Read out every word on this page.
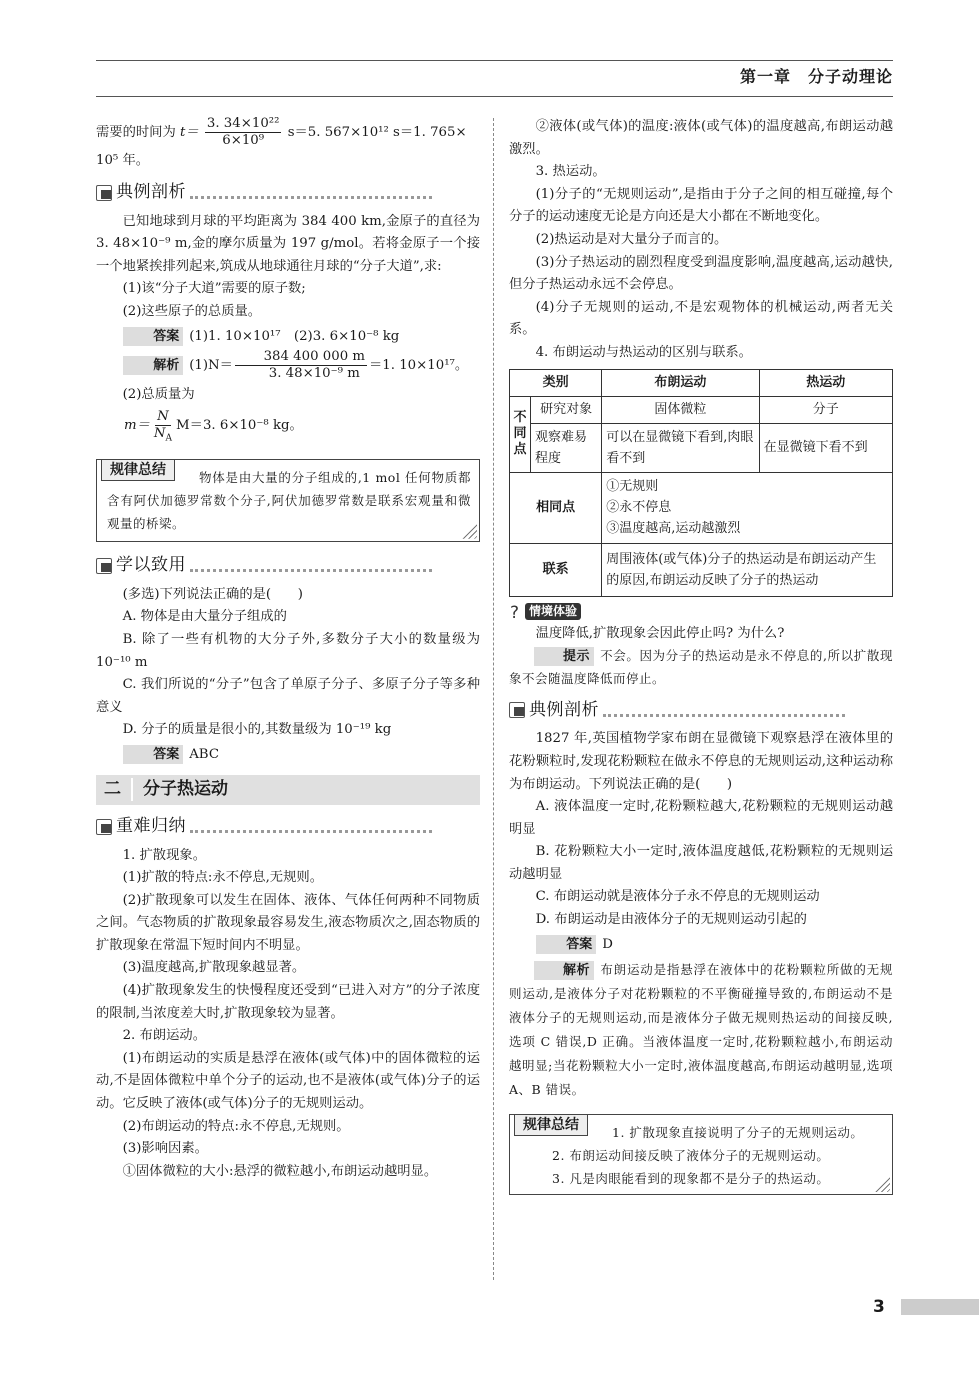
第一章　分子动理论

需要的时间为 $t= \frac{\text{3. 34×10²²}}{\text{6×10⁹}} s=5$. 567×10¹² s＝1. 765×

10⁵ 年。

典例剖析

已知地球到月球的平均距离为 384 400 km,金原子的直径为 3. 48×10⁻⁹ m,金的摩尔质量为 197 g/mol。若将金原子一个接一个地紧挨排列起来,筑成从地球通往月球的“分子大道”,求:

(1)该“分子大道”需要的原子数;

(2)这些原子的总质量。

答案 (1)1. 10×10¹⁷　(2)3. 6×10⁻⁸ kg

解析 $(1)N= \frac{384 400 000 m}{\text{3. 48×10⁻⁹ m}} =1$. 10×10¹⁷。

(2)总质量为

$m= \frac{N}{N_A} M=3$. 6×10⁻⁸ kg。

规律总结	物体是由大量的分子组成的,1 mol 任何物质都含有阿伏加德罗常数个分子,阿伏加德罗常数是联系宏观量和微观量的桥梁。

学以致用

(多选)下列说法正确的是(　　)

A. 物体是由大量分子组成的

B. 除了一些有机物的大分子外,多数分子大小的数量级为 10⁻¹⁰ m

C. 我们所说的“分子”包含了单原子分子、多原子分子等多种意义

D. 分子的质量是很小的,其数量级为 10⁻¹⁹ kg

答案 ABC

二	分子热运动
重难归纳

1. 扩散现象。

(1)扩散的特点:永不停息,无规则。

(2)扩散现象可以发生在固体、液体、气体任何两种不同物质之间。气态物质的扩散现象最容易发生,液态物质次之,固态物质的扩散现象在常温下短时间内不明显。

(3)温度越高,扩散现象越显著。

(4)扩散现象发生的快慢程度还受到“已进入对方”的分子浓度的限制,当浓度差大时,扩散现象较为显著。

2. 布朗运动。

(1)布朗运动的实质是悬浮在液体(或气体)中的固体微粒的运动,不是固体微粒中单个分子的运动,也不是液体(或气体)分子的运动。它反映了液体(或气体)分子的无规则运动。

(2)布朗运动的特点:永不停息,无规则。

(3)影响因素。

①固体微粒的大小:悬浮的微粒越小,布朗运动越明显。

②液体(或气体)的温度:液体(或气体)的温度越高,布朗运动越激烈。

3. 热运动。

(1)分子的“无规则运动”,是指由于分子之间的相互碰撞,每个分子的运动速度无论是方向还是大小都在不断地变化。

(2)热运动是对大量分子而言的。

(3)分子热运动的剧烈程度受到温度影响,温度越高,运动越快,但分子热运动永远不会停息。

(4)分子无规则的运动,不是宏观物体的机械运动,两者无关系。

4. 布朗运动与热运动的区别与联系。

类别		布朗运动	热运动
不同点	研究对象	固体微粒	分子
	观察难易程度	可以在显微镜下看到,肉眼看不到	在显微镜下看不到
相同点		①无规则
②永不停息
③温度越高,运动越激烈	

联系		周围液体(或气体)分子的热运动是布朗运动产生的原因,布朗运动反映了分子的热运动	
? 情境体验

温度降低,扩散现象会因此停止吗? 为什么?

提示 不会。因为分子的热运动是永不停息的,所以扩散现象不会随温度降低而停止。

典例剖析

1827 年,英国植物学家布朗在显微镜下观察悬浮在液体里的花粉颗粒时,发现花粉颗粒在做永不停息的无规则运动,这种运动称为布朗运动。下列说法正确的是(　　)

A. 液体温度一定时,花粉颗粒越大,花粉颗粒的无规则运动越明显

B. 花粉颗粒大小一定时,液体温度越低,花粉颗粒的无规则运动越明显

C. 布朗运动就是液体分子永不停息的无规则运动

D. 布朗运动是由液体分子的无规则运动引起的

答案 D

解析 布朗运动是指悬浮在液体中的花粉颗粒所做的无规则运动,是液体分子对花粉颗粒的不平衡碰撞导致的,布朗运动不是液体分子的无规则运动,而是液体分子做无规则热运动的间接反映,选项 C 错误,D 正确。当液体温度一定时,花粉颗粒越小,布朗运动越明显;当花粉颗粒大小一定时,液体温度越高,布朗运动越明显,选项 A、B 错误。

规律总结	1. 扩散现象直接说明了分子的无规则运动。

2. 布朗运动间接反映了液体分子的无规则运动。

3. 凡是肉眼能看到的现象都不是分子的热运动。

3
